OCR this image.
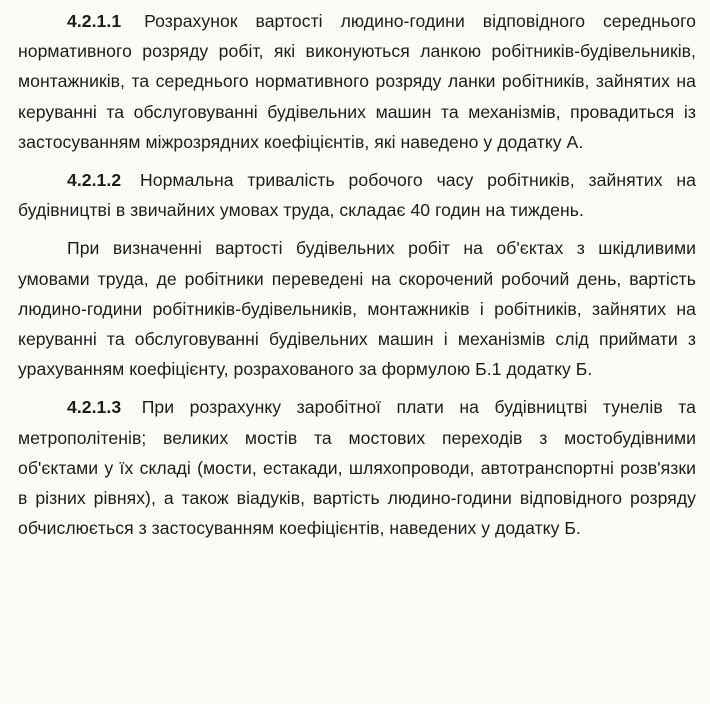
4.2.1.1 Розрахунок вартості людино-години відповідного середнього нормативного розряду робіт, які виконуються ланкою робітників-будівельників, монтажників, та середнього нормативного розряду ланки робітників, зайнятих на керуванні та обслуговуванні будівельних машин та механізмів, провадиться із застосуванням міжрозрядних коефіцієнтів, які наведено у додатку А.

4.2.1.2 Нормальна тривалість робочого часу робітників, зайнятих на будівництві в звичайних умовах труда, складає 40 годин на тиждень.

При визначенні вартості будівельних робіт на об'єктах з шкідливими умовами труда, де робітники переведені на скорочений робочий день, вартість людино-години робітників-будівельників, монтажників і робітників, зайнятих на керуванні та обслуговуванні будівельних машин і механізмів слід приймати з урахуванням коефіцієнту, розрахованого за формулою Б.1 додатку Б.

4.2.1.3 При розрахунку заробітної плати на будівництві тунелів та метрополітенів; великих мостів та мостових переходів з мостобудівними об'єктами у їх складі (мости, естакади, шляхопроводи, автотранспортні розв'язки в різних рівнях), а також віадуків, вартість людино-години відповідного розряду обчислюється з застосуванням коефіцієнтів, наведених у додатку Б.
